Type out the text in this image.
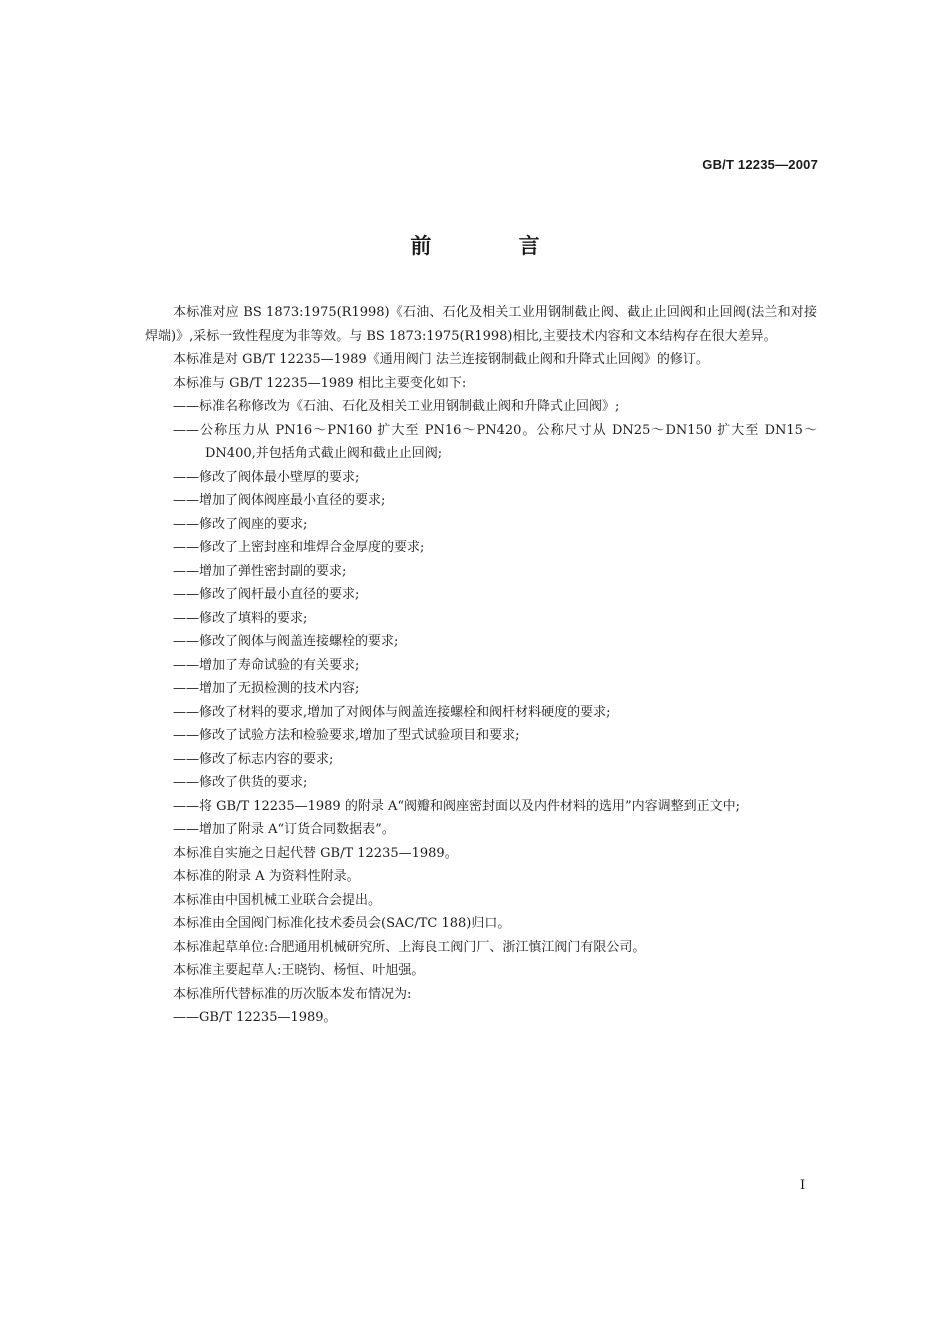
GB/T 12235—2007
前 言

本标准对应 BS 1873:1975(R1998)《石油、石化及相关工业用钢制截止阀、截止止回阀和止回阀(法兰和对接焊端)》,采标一致性程度为非等效。与 BS 1873:1975(R1998)相比,主要技术内容和文本结构存在很大差异。

本标准是对 GB/T 12235—1989《通用阀门 法兰连接钢制截止阀和升降式止回阀》的修订。

本标准与 GB/T 12235—1989 相比主要变化如下:

——标准名称修改为《石油、石化及相关工业用钢制截止阀和升降式止回阀》;

——公称压力从 PN16～PN160 扩大至 PN16～PN420。公称尺寸从 DN25～DN150 扩大至 DN15～DN400,并包括角式截止阀和截止止回阀;

——修改了阀体最小壁厚的要求;

——增加了阀体阀座最小直径的要求;

——修改了阀座的要求;

——修改了上密封座和堆焊合金厚度的要求;

——增加了弹性密封副的要求;

——修改了阀杆最小直径的要求;

——修改了填料的要求;

——修改了阀体与阀盖连接螺栓的要求;

——增加了寿命试验的有关要求;

——增加了无损检测的技术内容;

——修改了材料的要求,增加了对阀体与阀盖连接螺栓和阀杆材料硬度的要求;

——修改了试验方法和检验要求,增加了型式试验项目和要求;

——修改了标志内容的要求;

——修改了供货的要求;

——将 GB/T 12235—1989 的附录 A“阀瓣和阀座密封面以及内件材料的选用”内容调整到正文中;

——增加了附录 A“订货合同数据表”。

本标准自实施之日起代替 GB/T 12235—1989。

本标准的附录 A 为资料性附录。

本标准由中国机械工业联合会提出。

本标准由全国阀门标准化技术委员会(SAC/TC 188)归口。

本标准起草单位:合肥通用机械研究所、上海良工阀门厂、浙江慎江阀门有限公司。

本标准主要起草人:王晓钧、杨恒、叶旭强。

本标准所代替标准的历次版本发布情况为:

——GB/T 12235—1989。

I
